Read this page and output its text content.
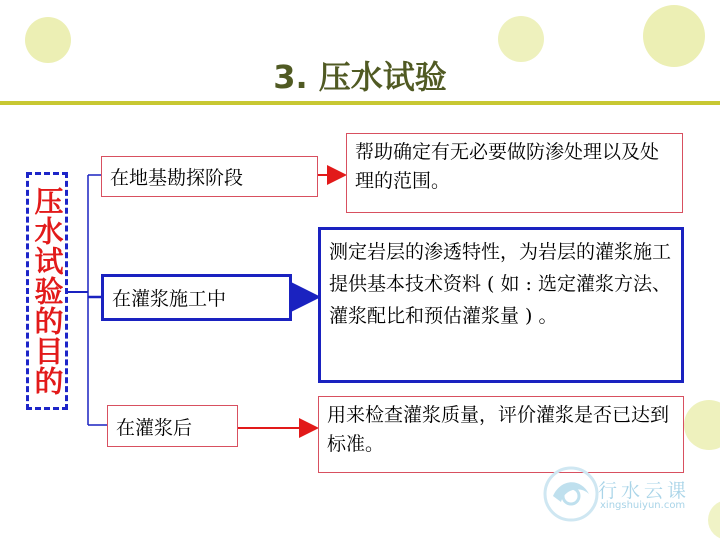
3. 压水试验
压水试验的目的
在地基勘探阶段
在灌浆施工中
在灌浆后
帮助确定有无必要做防渗处理以及处理的范围。
测定岩层的渗透特性，为岩层的灌浆施工提供基本技术资料 ( 如 : 选定灌浆方法、灌浆配比和预估灌浆量 ) 。
用来检查灌浆质量，评价灌浆是否已达到标准。
行水云课
xingshuiyun.com
